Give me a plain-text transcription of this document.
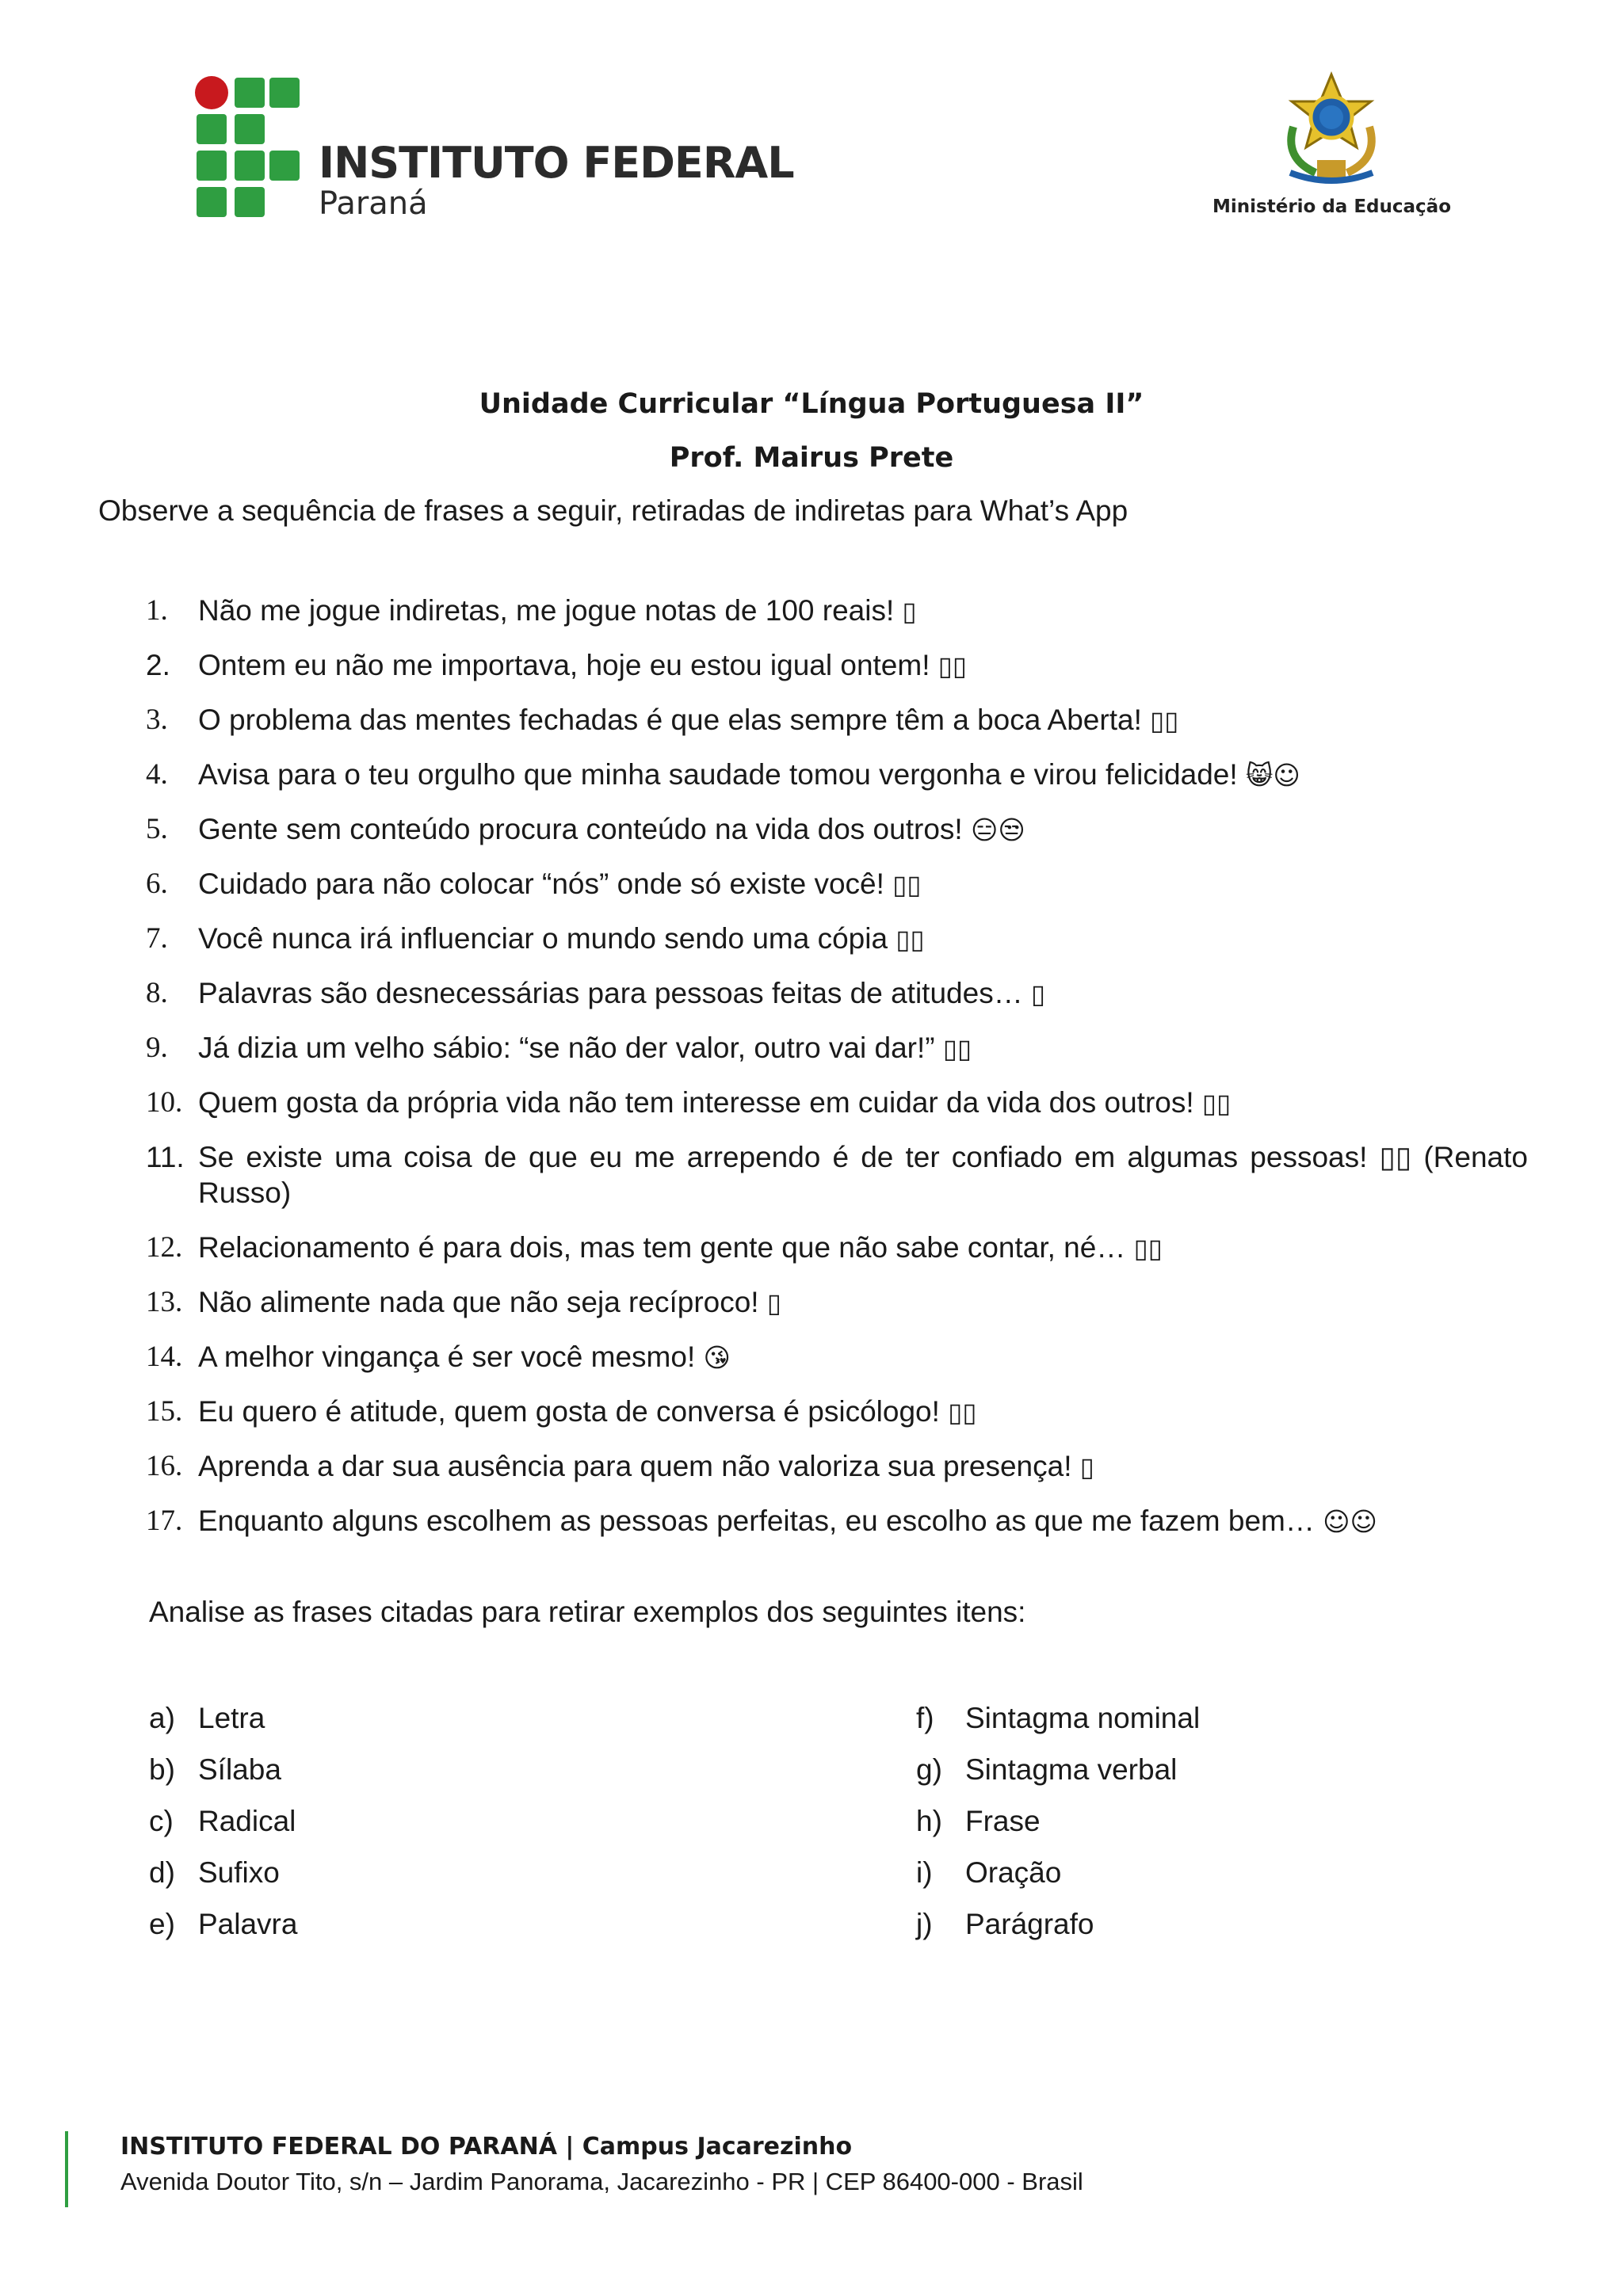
INSTITUTO FEDERAL
Paraná	Ministério da Educação
Unidade Curricular “Língua Portuguesa II”
Prof. Mairus Prete
Observe a sequência de frases a seguir, retiradas de indiretas para What’s App
1. Não me jogue indiretas, me jogue notas de 100 reais! ▯
2. Ontem eu não me importava, hoje eu estou igual ontem! ▯▯
3. O problema das mentes fechadas é que elas sempre têm a boca Aberta! ▯▯
4. Avisa para o teu orgulho que minha saudade tomou vergonha e virou felicidade! 😸☺
5. Gente sem conteúdo procura conteúdo na vida dos outros! 😑😒
6. Cuidado para não colocar “nós” onde só existe você! ▯▯
7. Você nunca irá influenciar o mundo sendo uma cópia ▯▯
8. Palavras são desnecessárias para pessoas feitas de atitudes… ▯
9. Já dizia um velho sábio: “se não der valor, outro vai dar!” ▯▯
10. Quem gosta da própria vida não tem interesse em cuidar da vida dos outros! ▯▯
11. Se existe uma coisa de que eu me arrependo é de ter confiado em algumas pessoas! ▯▯ (Renato Russo)
12. Relacionamento é para dois, mas tem gente que não sabe contar, né… ▯▯
13. Não alimente nada que não seja recíproco! ▯
14. A melhor vingança é ser você mesmo! 😘
15. Eu quero é atitude, quem gosta de conversa é psicólogo! ▯▯
16. Aprenda a dar sua ausência para quem não valoriza sua presença! ▯
17. Enquanto alguns escolhem as pessoas perfeitas, eu escolho as que me fazem bem… ☺☺
Analise as frases citadas para retirar exemplos dos seguintes itens:
a) Letra
b) Sílaba
c) Radical
d) Sufixo
e) Palavra
f) Sintagma nominal
g) Sintagma verbal
h) Frase
i) Oração
j) Parágrafo
INSTITUTO FEDERAL DO PARANÁ | Campus Jacarezinho
Avenida Doutor Tito, s/n – Jardim Panorama, Jacarezinho - PR | CEP 86400-000 - Brasil
